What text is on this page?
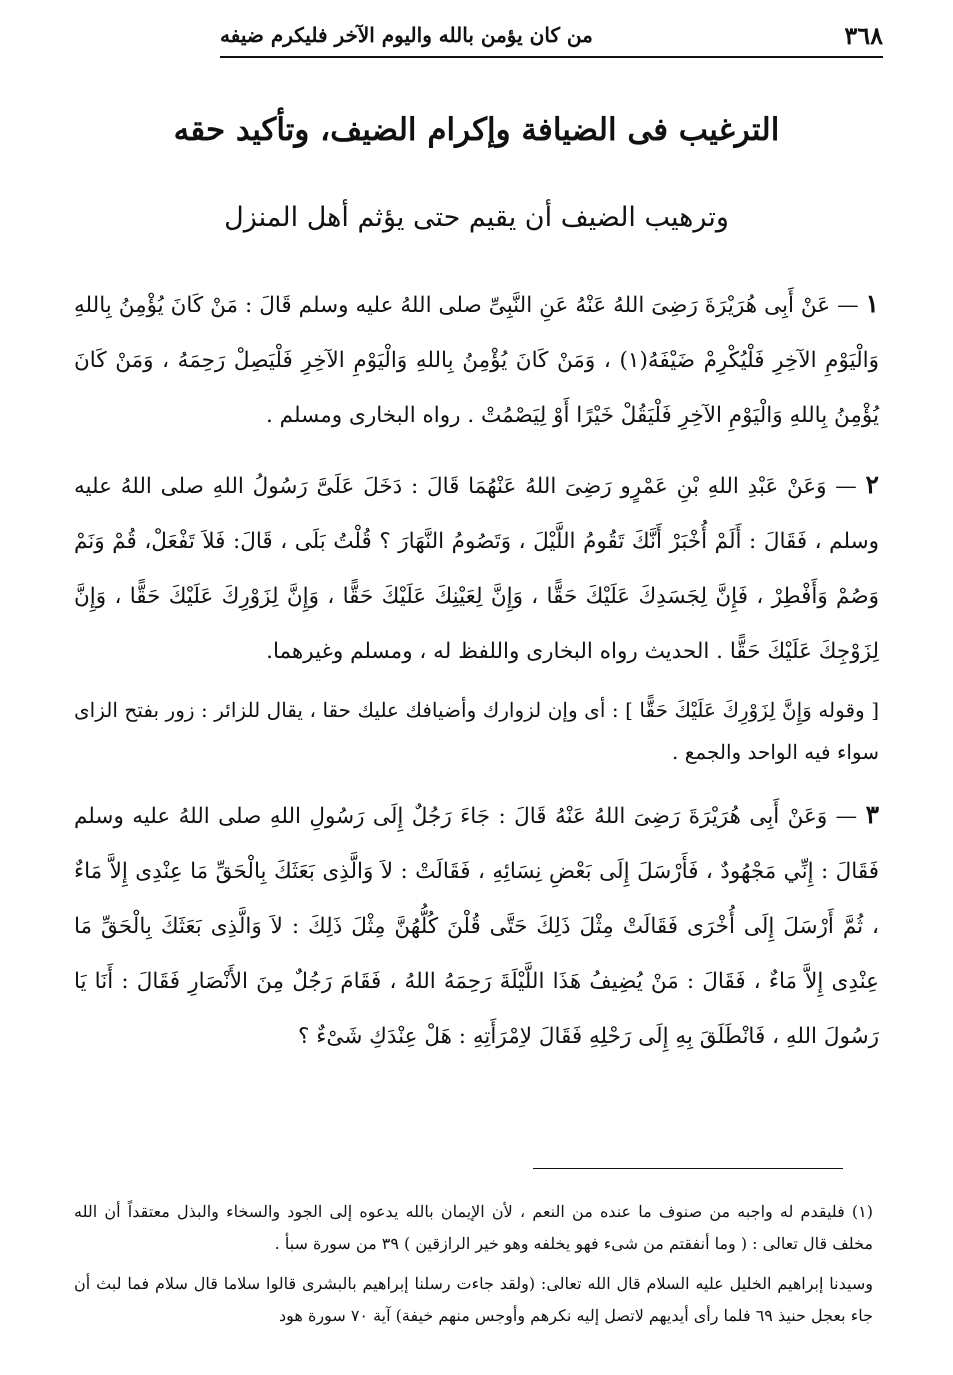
٣٦٨
من كان يؤمن بالله واليوم الآخر فليكرم ضيفه
الترغيب فى الضيافة وإكرام الضيف، وتأكيد حقه
وترهيب الضيف أن يقيم حتى يؤثم أهل المنزل

١ — عَنْ أَبِى هُرَيْرَةَ رَضِىَ اللهُ عَنْهُ عَنِ النَّبِىِّ صلى اللهُ عليه وسلم قَالَ : مَنْ كَانَ يُؤْمِنُ بِاللهِ وَالْيَوْمِ الآخِرِ فَلْيُكْرِمْ ضَيْفَهُ(١) ، وَمَنْ كَانَ يُؤْمِنُ بِاللهِ وَالْيَوْمِ الآخِرِ فَلْيَصِلْ رَحِمَهُ ، وَمَنْ كَانَ يُؤْمِنُ بِاللهِ وَالْيَوْمِ الآخِرِ فَلْيَقُلْ خَيْرًا أَوْ لِيَصْمُتْ . رواه البخارى ومسلم .

٢ — وَعَنْ عَبْدِ اللهِ بْنِ عَمْرٍو رَضِىَ اللهُ عَنْهُمَا قَالَ : دَخَلَ عَلَىَّ رَسُولُ اللهِ صلى اللهُ عليه وسلم ، فَقَالَ : أَلَمْ أُخْبَرْ أَنَّكَ تَقُومُ اللَّيْلَ ، وَتَصُومُ النَّهَارَ ؟ قُلْتُ بَلَى ، قَالَ: فَلاَ تَفْعَلْ، قُمْ وَنَمْ وَصُمْ وَأَفْطِرْ ، فَإِنَّ لِجَسَدِكَ عَلَيْكَ حَقًّا ، وَإِنَّ لِعَيْنِكَ عَلَيْكَ حَقًّا ، وَإِنَّ لِزَوْرِكَ عَلَيْكَ حَقًّا ، وَإِنَّ لِزَوْجِكَ عَلَيْكَ حَقًّا . الحديث رواه البخارى واللفظ له ، ومسلم وغيرهما.

[ وقوله وَإِنَّ لِزَوْرِكَ عَلَيْكَ حَقًّا ] : أى وإن لزوارك وأضيافك عليك حقا ، يقال للزائر : زور بفتح الزاى سواء فيه الواحد والجمع .

٣ — وَعَنْ أَبِى هُرَيْرَةَ رَضِىَ اللهُ عَنْهُ قَالَ : جَاءَ رَجُلٌ إِلَى رَسُولِ اللهِ صلى اللهُ عليه وسلم فَقَالَ : إِنِّي مَجْهُودٌ ، فَأَرْسَلَ إِلَى بَعْضِ نِسَائِهِ ، فَقَالَتْ : لاَ وَالَّذِى بَعَثَكَ بِالْحَقِّ مَا عِنْدِى إِلاَّ مَاءٌ ، ثُمَّ أَرْسَلَ إِلَى أُخْرَى فَقَالَتْ مِثْلَ ذَلِكَ حَتَّى قُلْنَ كُلُّهُنَّ مِثْلَ ذَلِكَ : لاَ وَالَّذِى بَعَثَكَ بِالْحَقِّ مَا عِنْدِى إِلاَّ مَاءٌ ، فَقَالَ : مَنْ يُضِيفُ هَذَا اللَّيْلَةَ رَحِمَهُ اللهُ ، فَقَامَ رَجُلٌ مِنَ الأَنْصَارِ فَقَالَ : أَنَا يَا رَسُولَ اللهِ ، فَانْطَلَقَ بِهِ إِلَى رَحْلِهِ فَقَالَ لاِمْرَأَتِهِ : هَلْ عِنْدَكِ شَىْءٌ ؟

(١) فليقدم له واجبه من صنوف ما عنده من النعم ، لأن الإيمان بالله يدعوه إلى الجود والسخاء والبذل معتقداً أن الله مخلف قال تعالى : ( وما أنفقتم من شىء فهو يخلفه وهو خير الرازقين ) ٣٩ من سورة سبأ .

وسيدنا إبراهيم الخليل عليه السلام قال الله تعالى: (ولقد جاءت رسلنا إبراهيم بالبشرى قالوا سلاما قال سلام فما لبث أن جاء بعجل حنيذ ٦٩ فلما رأى أيديهم لاتصل إليه نكرهم وأوجس منهم خيفة) آية ٧٠ سورة هود
